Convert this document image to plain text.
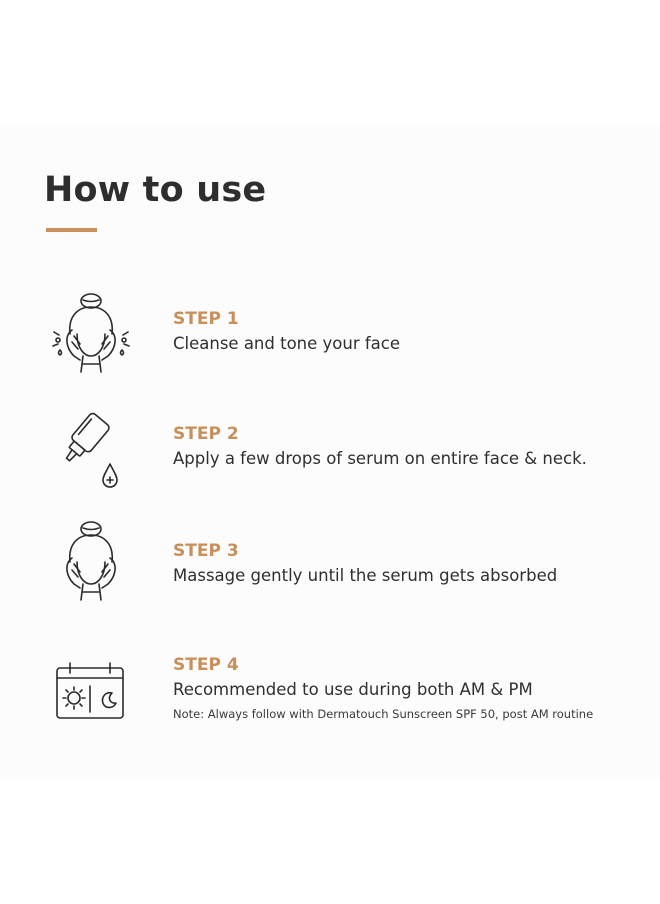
How to use
STEP 1
Cleanse and tone your face
STEP 2
Apply a few drops of serum on entire face & neck.
STEP 3
Massage gently until the serum gets absorbed
STEP 4
Recommended to use during both AM & PM
Note: Always follow with Dermatouch Sunscreen SPF 50, post AM routine
